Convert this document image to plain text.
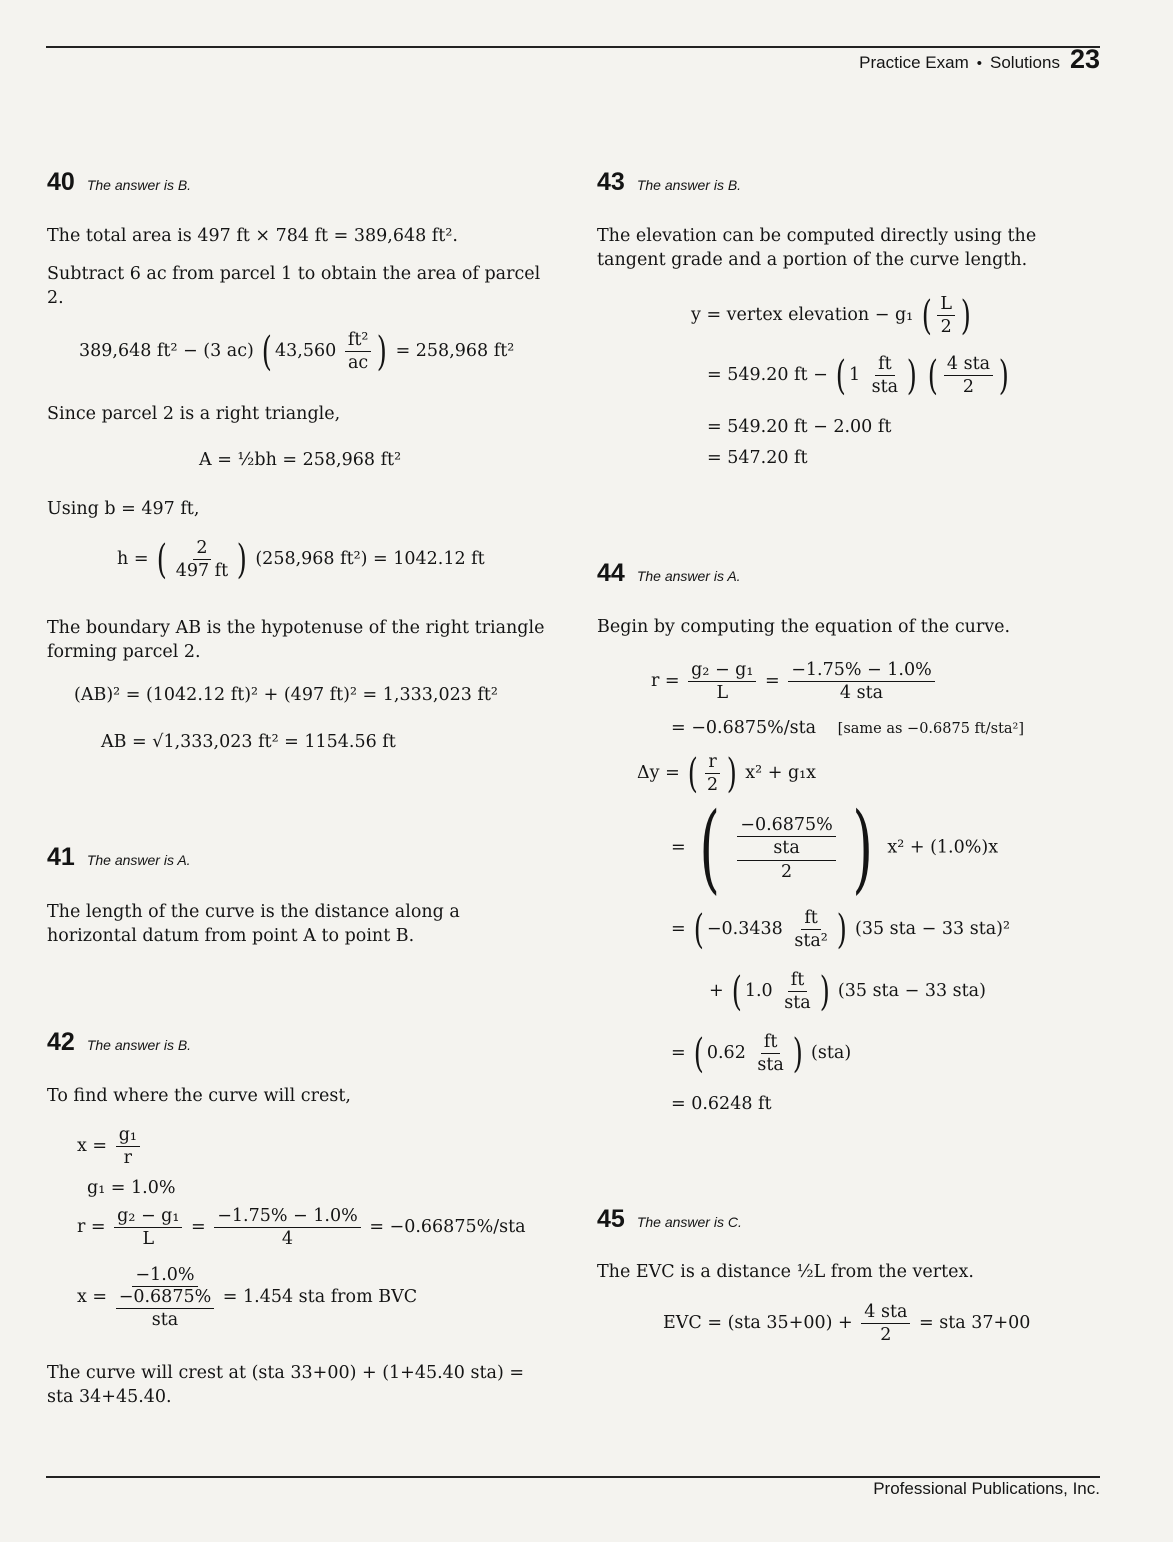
Practice Exam • Solutions 23
40 The answer is B.
The total area is 497 ft × 784 ft = 389,648 ft².
Subtract 6 ac from parcel 1 to obtain the area of parcel 2.
389,648 ft² − (3 ac) ( $43,560 \frac{\text{ft²}}{ac}$ ) = 258,968 ft²
Since parcel 2 is a right triangle,
A = ½bh = 258,968 ft²
Using b = 497 ft,
h = ( $\frac{2}{497 ft}$ ) (258,968 ft²) = 1042.12 ft
The boundary AB is the hypotenuse of the right triangle forming parcel 2.
(AB)² = (1042.12 ft)² + (497 ft)² = 1,333,023 ft²
AB = √1,333,023 ft² = 1154.56 ft
41 The answer is A.
The length of the curve is the distance along a horizontal datum from point A to point B.
42 The answer is B.
To find where the curve will crest,
$x = \frac{\text{g₁}}{r}$
g₁ = 1.0%
$r = \frac{\text{g₂ − g₁}}{L} = \frac{-1.75\% - 1.0\%}{4} = -0.66875\%/sta$
$x = \frac{-1.0\%}{\frac{-0.6875\%}{\text{sta}}} = 1.454$ sta from BVC
The curve will crest at (sta 33+00) + (1+45.40 sta) = sta 34+45.40.
43 The answer is B.
The elevation can be computed directly using the tangent grade and a portion of the curve length.
y = vertex elevation − g₁ ( $\frac{L}{2}$ )
= 549.20 ft − ( $1 \frac{ft}{\text{sta}}$ ) ( $\frac{\text{4 sta}}{2}$ )
= 549.20 ft − 2.00 ft
= 547.20 ft
44 The answer is A.
Begin by computing the equation of the curve.
$r = \frac{\text{g₂ − g₁}}{L} = \frac{-1.75\% - 1.0\%}{\text{4 sta}}$
= −0.6875%/sta [same as −0.6875 ft/sta²]
Δy = ( $\frac{r}{2}$ ) x² + g₁x
= ( $\frac{\frac{-0.6875\%}{\text{sta}}}{2}$ ) x² + (1.0%)x
= ( $-0.3438 \frac{ft}{\text{sta²}}$ ) (35 sta − 33 sta)²
+ ( $1.0 \frac{ft}{\text{sta}}$ ) (35 sta − 33 sta)
= ( $0.62 \frac{ft}{\text{sta}}$ ) (sta)
= 0.6248 ft
45 The answer is C.
The EVC is a distance ½L from the vertex.
EVC = (sta $35+00) + \frac{\text{4 sta}}{2}$ = sta 37+00
Professional Publications, Inc.
